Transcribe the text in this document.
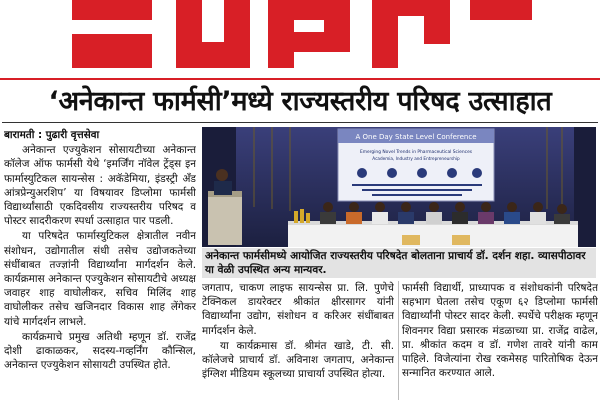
‘अनेकान्त फार्मसी’मध्ये राज्यस्तरीय परिषद उत्साहात

बारामती : पुढारी वृत्तसेवा

अनेकान्त एज्युकेशन सोसायटीच्या अनेकान्त कॉलेज ऑफ फार्मसी येथे ‘इमर्जिंग नॉवेल ट्रेंड्स इन फार्मास्युटिकल सायन्सेस : अकॅडेमिया, इंडस्ट्री अँड आंत्रप्रेन्युअरशिप’ या विषयावर डिप्लोमा फार्मसी विद्यार्थ्यांसाठी एकदिवसीय राज्यस्तरीय परिषद व पोस्टर सादरीकरण स्पर्धा उत्साहात पार पडली.

या परिषदेत फार्मास्युटिकल क्षेत्रातील नवीन संशोधन, उद्योगातील संधी तसेच उद्योजकतेच्या संधींबाबत तज्ज्ञांनी विद्यार्थ्यांना मार्गदर्शन केले. कार्यक्रमास अनेकान्त एज्युकेशन सोसायटीचे अध्यक्ष जवाहर शाह वाघोलीकर, सचिव मिलिंद शाह वाघोलीकर तसेच खजिनदार विकास शाह लेंगेकर यांचे मार्गदर्शन लाभले.

कार्यक्रमाचे प्रमुख अतिथी म्हणून डॉ. राजेंद्र दोशी ढाकाळकर, सदस्य-गव्हर्निंग कौन्सिल, अनेकान्त एज्युकेशन सोसायटी उपस्थित होते.

A One Day State Level Conference
Emerging Novel Trends in Pharmaceutical Sciences
Academia, Industry and Entrepreneurship
अनेकान्त फार्मसीमध्ये आयोजित राज्यस्तरीय परिषदेत बोलताना प्राचार्य डॉ. दर्शन शहा. व्यासपीठावर या वेळी उपस्थित अन्य मान्यवर.

जगताप, चाकण लाइफ सायन्सेस प्रा. लि. पुणेचे टेक्निकल डायरेक्टर श्रीकांत क्षीरसागर यांनी विद्यार्थ्यांना उद्योग, संशोधन व करिअर संधींबाबत मार्गदर्शन केले.

या कार्यक्रमास डॉ. श्रीमंत खाडे, टी. सी. कॉलेजचे प्राचार्य डॉ. अविनाश जगताप, अनेकान्त इंग्लिश मीडियम स्कूलच्या प्राचार्या उपस्थित होत्या.

फार्मसी विद्यार्थी, प्राध्यापक व संशोधकांनी परिषदेत सहभाग घेतला तसेच एकूण ६२ डिप्लोमा फार्मसी विद्यार्थ्यांनी पोस्टर सादर केली. स्पर्धेचे परीक्षक म्हणून शिवनगर विद्या प्रसारक मंडळाच्या प्रा. राजेंद्र वाढेल, प्रा. श्रीकांत कदम व डॉ. गणेश तावरे यांनी काम पाहिले. विजेत्यांना रोख रकमेसह पारितोषिक देऊन सन्मानित करण्यात आले.
